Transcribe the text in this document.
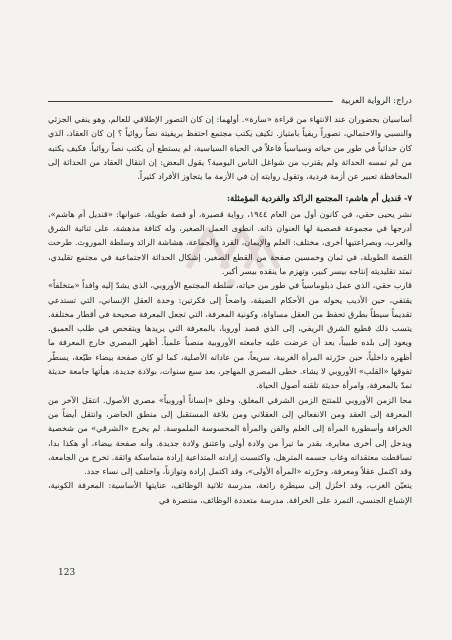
دراج: الرواية العربية

أساسيان بحضوران عند الانتهاء من قراءة «سارة». أولهما: إن كان التصور الإطلاقي للعالم، وهو ينفي الجزئي والنسبي والاحتمالي، تصوراً ريفياً بامتياز. تكيف يكتب مجتمع احتفظ بريفيته نصاً روائياً ؟ إن كان العقاد، الذي كان حداثياً في طور من حياته وسياسياً فاعلاً في الحياة السياسية، لم يستطع أن يكتب نصاً روائياً. فكيف يكتبه من لم تمسه الحداثة ولم يقترب من شواغل الناس اليومية؟ يقول البعض: إن انتقال العقاد من الحداثة إلى المحافظة تعبير عن أزمة فردية، وتقول روايته إن في الأزمة ما يتجاوز الأفراد كثيراً.

٧- قنديل أم هاشم: المجتمع الراكد والفردية المؤمثلة:

نشر يحيى حقي، في كانون أول من العام ١٩٤٤، رواية قصيرة، أو قصة طويلة، عنوانها: «قنديل أم هاشم»، أدرجها في مجموعة قصصية لها العنوان ذاته. انطوى العمل الصغير، وله كثافة مدهشة، على ثنائية الشرق والغرب، وبصراعتيها أخرى، مختلف: العلم والإيمان، الفرد والجماعة، هشاشة الرائد وسلطة الموروث. طرحت القصة الطويلة، في ثمان وخمسين صفحة من القطع الصغير، إشكال الحداثة الاجتماعية في مجتمع تقليدي، تمتد تقليديته إنتاجه بيسر كبير، وتهزم ما ينقده بيسر أكبر.

قارب حقي، الذي عمل دبلوماسياً في طور من حياته، سلطة المجتمع الأوروبي، الذي يشدّ إليه وافداً «متخلفاً» يقتفي، حين الأديب يحوله من الأحكام الضيقة، واضحاً إلى فكرتين: وحدة العقل الإنساني، التي تستدعي تقديماً سيطاً بطرق تحفظ من العقل مساواة، وكونية المعرفة، التي تجعل المعرفة صحيحة في أقطار مختلفة. يتسب ذلك قطيع الشرق الريفي، إلى الذي قصد أوروبا، بالمعرفة التي يريدها ويتفحص في طلب العميق. ويعود إلى بلده طبيباً، بعد أن عرضت عليه جامعته الأوروبية منصباً علمياً. أظهر المصري خارج المعرفة ما أظهره داخلياً، حين حرّرته المرأة الغربية، سريعاً، من عاداته الأصلية، كما لو كان صفحة بيضاء طيّعة، يسطّر تفوقها «القلب» الأوروبي لا يشاء. خطى المصري المهاجر، بعد سبع سنوات، بولادة جديدة، هيأتها جامعة حديثة تمدّ بالمعرفة، وامرأة حديثة تلقنه أصول الحياة.

محا الزمن الأوروبي للمتتح الزمن الشرقي المغلق، وخلق «إنساناً أوروبياً» مصري الأصول. انتقل الآخر من المعرفة إلى العقد ومن الانفعالي إلى العقلاني ومن بلاغة المستقبل إلى منطق الحاضر، وانتقل أيضاً من الخرافة وأسطورة المرأة إلى العلم والفن والمرأة المحسوسة الملموسة. لم يخرج «الشرقي» من شخصية ويدخل إلى أخرى مغايرة، بقدر ما تيرأ من ولادة أولى واعتنق ولادة جديدة. وأنه صفحة بيضاء، أو هكذا بدا، تساقطت معتقداته وغاب جسمه المترهل، واكتسبت إرادته المتداعية إرادة متماسكة واثقة. تخرج من الجامعة، وقد اكتمل عقلاً ومعرفة، وحرّرته «المرأة الأولى»، وقد اكتمل إرادة وتوازناً، واختلف إلى نساء جدد.

يتعيّن الغرب، وقد اختُزل إلى سيطرة رائعة، مدرسة ثلاثية الوظائف، عنايتها الأساسية: المعرفة الكونية، الإشباع الجنسي، التمرد على الخرافة. مدرسة متعددة الوظائف، منتصرة في

123
